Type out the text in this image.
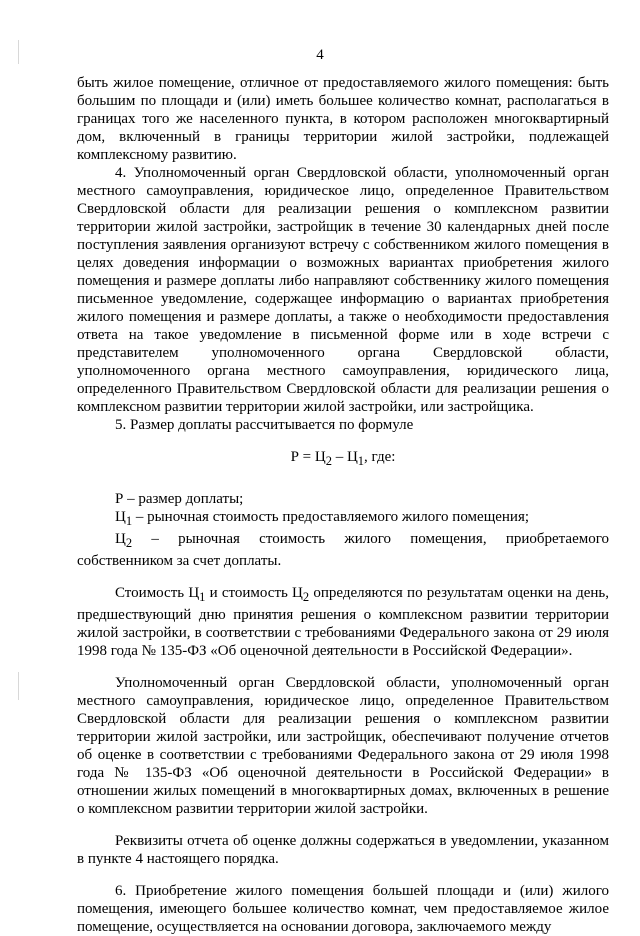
4

быть жилое помещение, отличное от предоставляемого жилого помещения: быть большим по площади и (или) иметь большее количество комнат, располагаться в границах того же населенного пункта, в котором расположен многоквартирный дом, включенный в границы территории жилой застройки, подлежащей комплексному развитию.

4. Уполномоченный орган Свердловской области, уполномоченный орган местного самоуправления, юридическое лицо, определенное Правительством Свердловской области для реализации решения о комплексном развитии территории жилой застройки, застройщик в течение 30 календарных дней после поступления заявления организуют встречу с собственником жилого помещения в целях доведения информации о возможных вариантах приобретения жилого помещения и размере доплаты либо направляют собственнику жилого помещения письменное уведомление, содержащее информацию о вариантах приобретения жилого помещения и размере доплаты, а также о необходимости предоставления ответа на такое уведомление в письменной форме или в ходе встречи с представителем уполномоченного органа Свердловской области, уполномоченного органа местного самоуправления, юридического лица, определенного Правительством Свердловской области для реализации решения о комплексном развитии территории жилой застройки, или застройщика.

5. Размер доплаты рассчитывается по формуле

$Р = Ц_2 - Ц_1$, где:

Р – размер доплаты;

$Ц_1$ – рыночная стоимость предоставляемого жилого помещения;

$Ц_2$ – рыночная стоимость жилого помещения, приобретаемого собственником за счет доплаты.

Стоимость $Ц_1$ и стоимость $Ц_2$ определяются по результатам оценки на день, предшествующий дню принятия решения о комплексном развитии территории жилой застройки, в соответствии с требованиями Федерального закона от 29 июля 1998 года № 135-ФЗ «Об оценочной деятельности в Российской Федерации».

Уполномоченный орган Свердловской области, уполномоченный орган местного самоуправления, юридическое лицо, определенное Правительством Свердловской области для реализации решения о комплексном развитии территории жилой застройки, или застройщик, обеспечивают получение отчетов об оценке в соответствии с требованиями Федерального закона от 29 июля 1998 года № 135-ФЗ «Об оценочной деятельности в Российской Федерации» в отношении жилых помещений в многоквартирных домах, включенных в решение о комплексном развитии территории жилой застройки.

Реквизиты отчета об оценке должны содержаться в уведомлении, указанном в пункте 4 настоящего порядка.

6. Приобретение жилого помещения большей площади и (или) жилого помещения, имеющего большее количество комнат, чем предоставляемое жилое помещение, осуществляется на основании договора, заключаемого между
